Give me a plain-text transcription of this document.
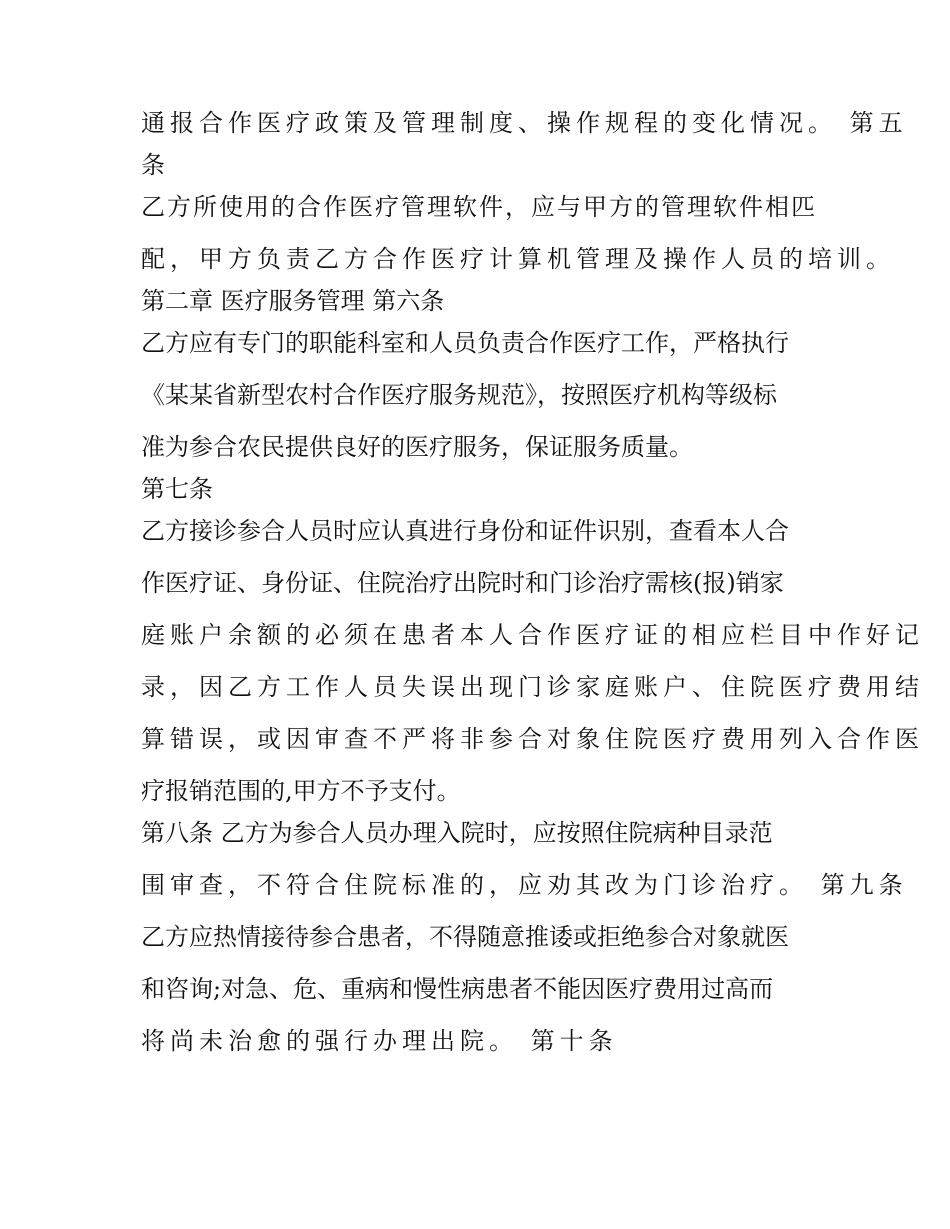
通报合作医疗政策及管理制度、操作规程的变化情况。 第五
条
乙方所使用的合作医疗管理软件，应与甲方的管理软件相匹
配，甲方负责乙方合作医疗计算机管理及操作人员的培训。
第二章 医疗服务管理 第六条
乙方应有专门的职能科室和人员负责合作医疗工作，严格执行
《某某省新型农村合作医疗服务规范》，按照医疗机构等级标
准为参合农民提供良好的医疗服务，保证服务质量。
第七条
乙方接诊参合人员时应认真进行身份和证件识别，查看本人合
作医疗证、身份证、住院治疗出院时和门诊治疗需核(报)销家
庭账户余额的必须在患者本人合作医疗证的相应栏目中作好记
录，因乙方工作人员失误出现门诊家庭账户、住院医疗费用结
算错误，或因审查不严将非参合对象住院医疗费用列入合作医
疗报销范围的,甲方不予支付。
第八条 乙方为参合人员办理入院时，应按照住院病种目录范
围审查，不符合住院标准的，应劝其改为门诊治疗。 第九条
乙方应热情接待参合患者，不得随意推诿或拒绝参合对象就医
和咨询;对急、危、重病和慢性病患者不能因医疗费用过高而
将尚未治愈的强行办理出院。 第十条
